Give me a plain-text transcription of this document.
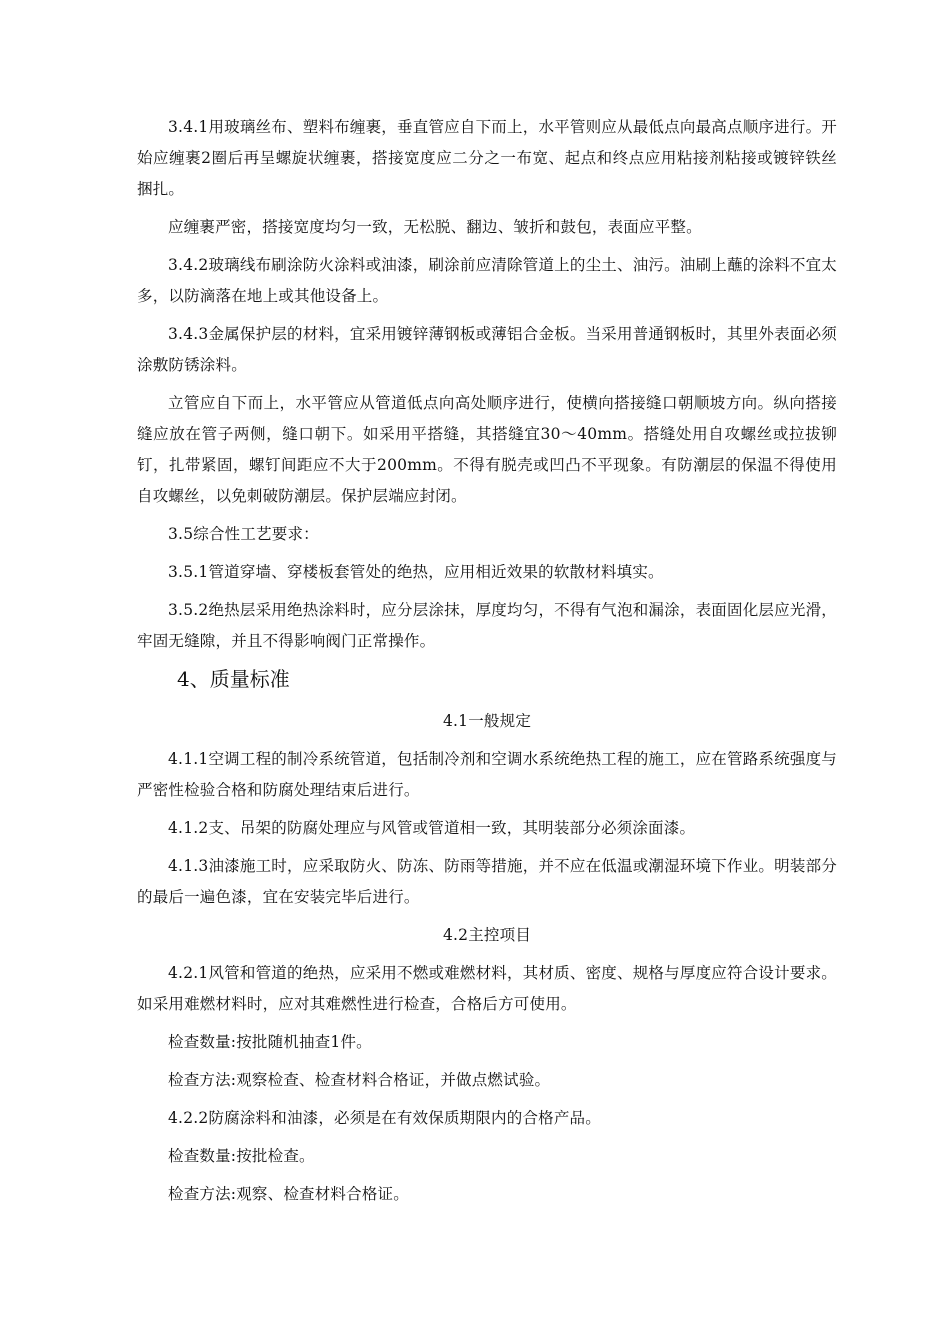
3.4.1用玻璃丝布、塑料布缠裹，垂直管应自下而上，水平管则应从最低点向最高点顺序进行。开始应缠裹2圈后再呈螺旋状缠裹，搭接宽度应二分之一布宽、起点和终点应用粘接剂粘接或镀锌铁丝捆扎。

应缠裹严密，搭接宽度均匀一致，无松脱、翻边、皱折和鼓包，表面应平整。

3.4.2玻璃线布刷涂防火涂料或油漆，刷涂前应清除管道上的尘土、油污。油刷上蘸的涂料不宜太多，以防滴落在地上或其他设备上。

3.4.3金属保护层的材料，宜采用镀锌薄钢板或薄铝合金板。当采用普通钢板时，其里外表面必须涂敷防锈涂料。

立管应自下而上，水平管应从管道低点向高处顺序进行，使横向搭接缝口朝顺坡方向。纵向搭接缝应放在管子两侧，缝口朝下。如采用平搭缝，其搭缝宜30～40mm。搭缝处用自攻螺丝或拉拔铆钉，扎带紧固，螺钉间距应不大于200mm。不得有脱壳或凹凸不平现象。有防潮层的保温不得使用自攻螺丝，以免刺破防潮层。保护层端应封闭。

3.5综合性工艺要求：

3.5.1管道穿墙、穿楼板套管处的绝热，应用相近效果的软散材料填实。

3.5.2绝热层采用绝热涂料时，应分层涂抹，厚度均匀，不得有气泡和漏涂，表面固化层应光滑，牢固无缝隙，并且不得影响阀门正常操作。

4、质量标准

4.1一般规定

4.1.1空调工程的制冷系统管道，包括制冷剂和空调水系统绝热工程的施工，应在管路系统强度与严密性检验合格和防腐处理结束后进行。

4.1.2支、吊架的防腐处理应与风管或管道相一致，其明装部分必须涂面漆。

4.1.3油漆施工时，应采取防火、防冻、防雨等措施，并不应在低温或潮湿环境下作业。明装部分的最后一遍色漆，宜在安装完毕后进行。

4.2主控项目

4.2.1风管和管道的绝热，应采用不燃或难燃材料，其材质、密度、规格与厚度应符合设计要求。如采用难燃材料时，应对其难燃性进行检查，合格后方可使用。

检查数量:按批随机抽查1件。

检查方法:观察检查、检查材料合格证，并做点燃试验。

4.2.2防腐涂料和油漆，必须是在有效保质期限内的合格产品。

检查数量:按批检查。

检查方法:观察、检查材料合格证。
